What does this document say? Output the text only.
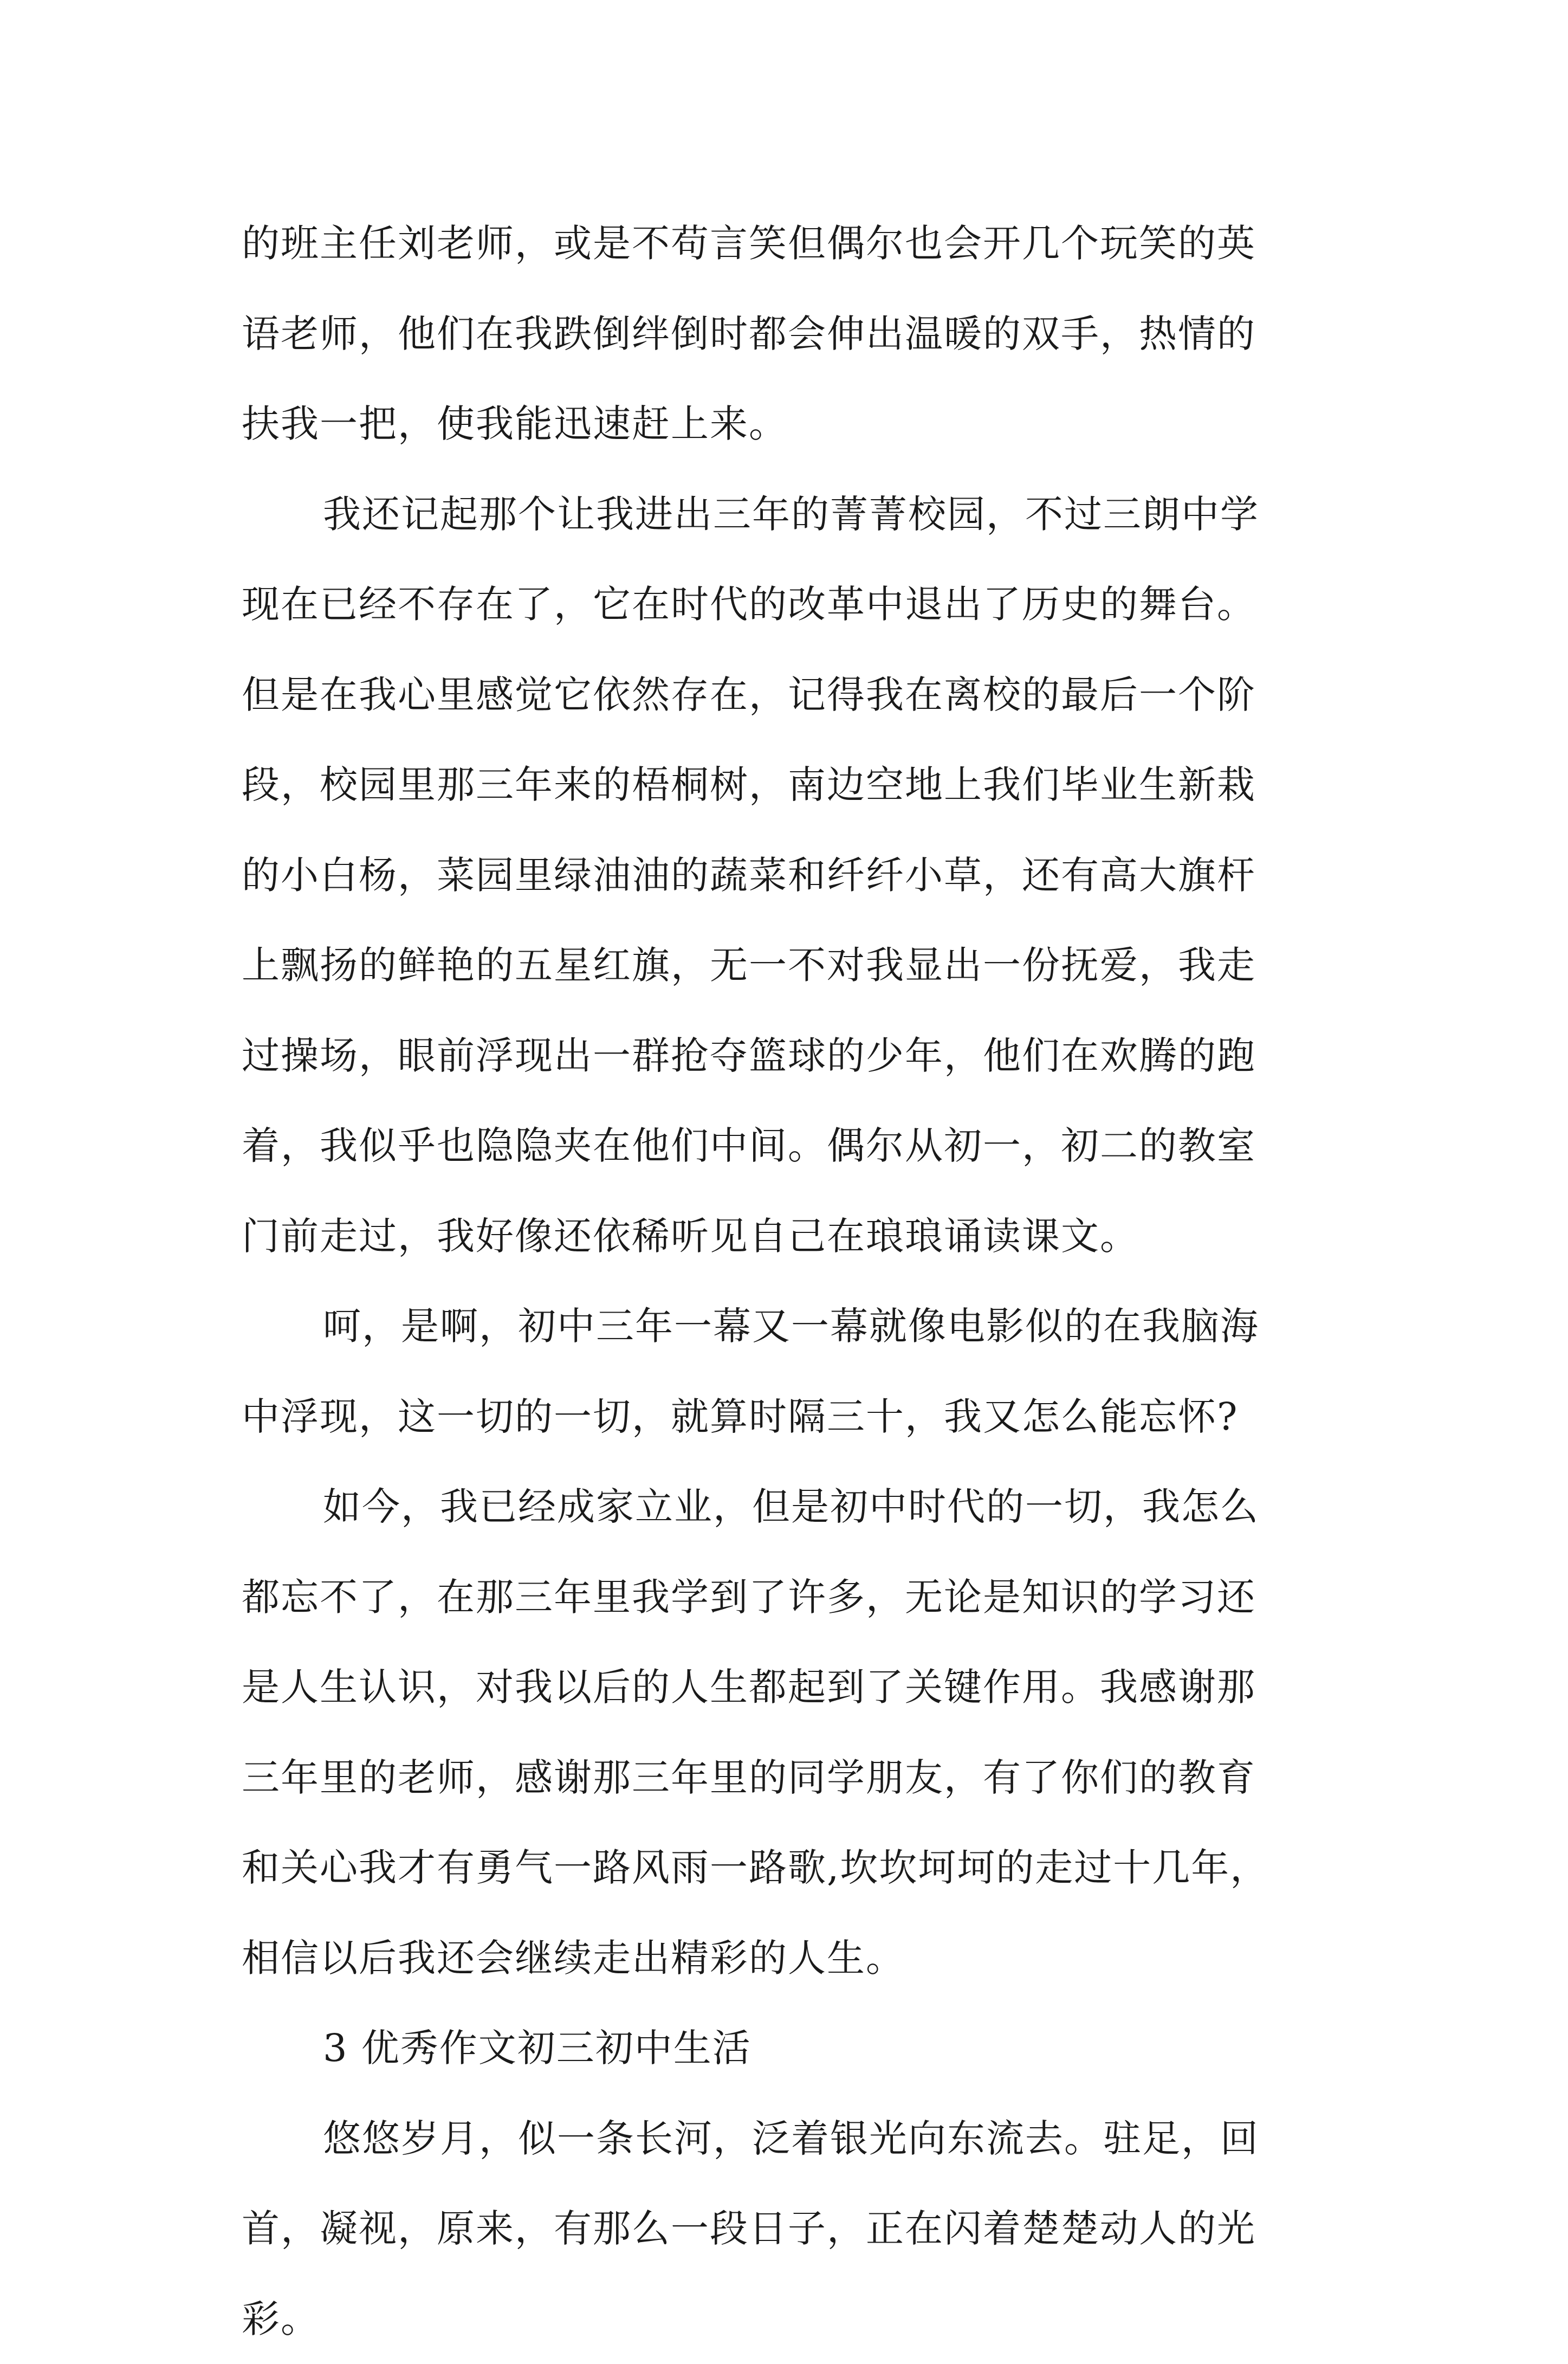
的班主任刘老师，或是不苟言笑但偶尔也会开几个玩笑的英
语老师，他们在我跌倒绊倒时都会伸出温暖的双手，热情的
扶我一把，使我能迅速赶上来。
我还记起那个让我进出三年的菁菁校园，不过三朗中学
现在已经不存在了，它在时代的改革中退出了历史的舞台。
但是在我心里感觉它依然存在，记得我在离校的最后一个阶
段，校园里那三年来的梧桐树，南边空地上我们毕业生新栽
的小白杨，菜园里绿油油的蔬菜和纤纤小草，还有高大旗杆
上飘扬的鲜艳的五星红旗，无一不对我显出一份抚爱，我走
过操场，眼前浮现出一群抢夺篮球的少年，他们在欢腾的跑
着，我似乎也隐隐夹在他们中间。偶尔从初一，初二的教室
门前走过，我好像还依稀听见自己在琅琅诵读课文。
呵，是啊，初中三年一幕又一幕就像电影似的在我脑海
中浮现，这一切的一切，就算时隔三十，我又怎么能忘怀?
如今，我已经成家立业，但是初中时代的一切，我怎么
都忘不了，在那三年里我学到了许多，无论是知识的学习还
是人生认识，对我以后的人生都起到了关键作用。我感谢那
三年里的老师，感谢那三年里的同学朋友，有了你们的教育
和关心我才有勇气一路风雨一路歌,坎坎坷坷的走过十几年，
相信以后我还会继续走出精彩的人生。
3 优秀作文初三初中生活
悠悠岁月，似一条长河，泛着银光向东流去。驻足，回
首，凝视，原来，有那么一段日子，正在闪着楚楚动人的光
彩。
